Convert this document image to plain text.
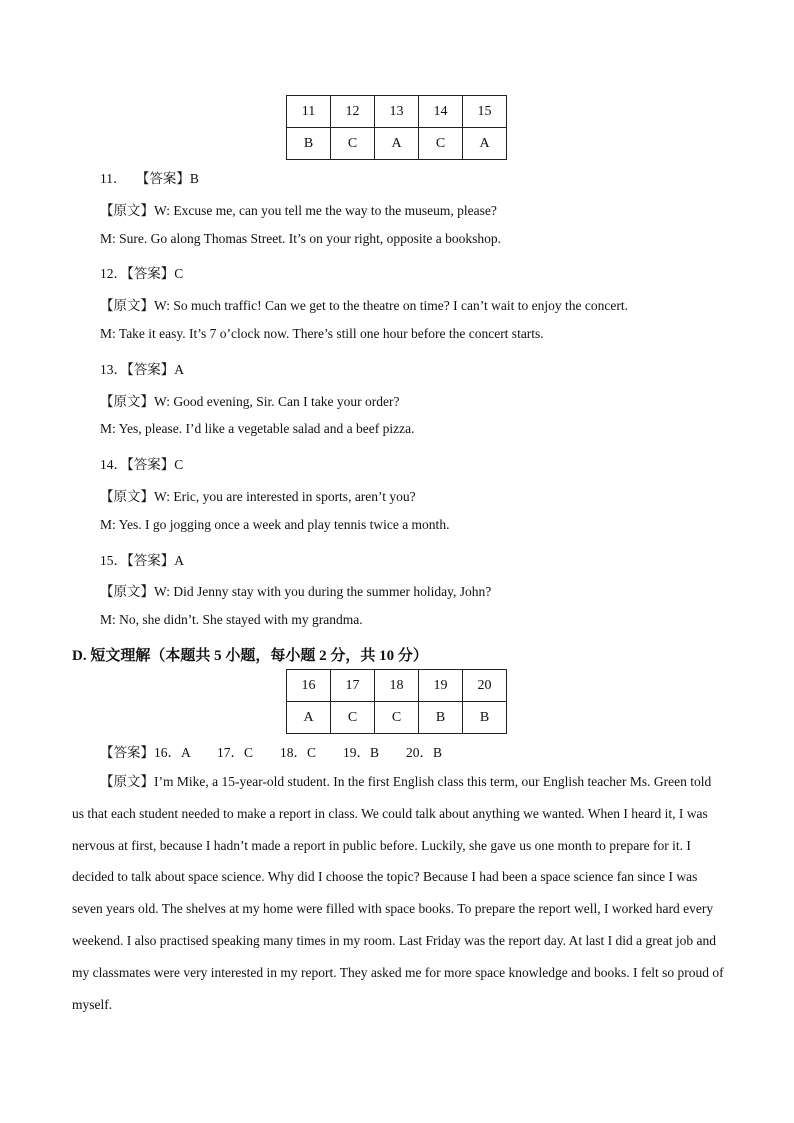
11	12	13	14	15
B	C	A	C	A
11． 【答案】B
【原文】W: Excuse me, can you tell me the way to the museum, please?
M: Sure. Go along Thomas Street. It’s on your right, opposite a bookshop.
12．【答案】C
【原文】W: So much traffic! Can we get to the theatre on time? I can’t wait to enjoy the concert.
M: Take it easy. It’s 7 o’clock now. There’s still one hour before the concert starts.
13．【答案】A
【原文】W: Good evening, Sir. Can I take your order?
M: Yes, please. I’d like a vegetable salad and a beef pizza.
14．【答案】C
【原文】W: Eric, you are interested in sports, aren’t you?
M: Yes. I go jogging once a week and play tennis twice a month.
15．【答案】A
【原文】W: Did Jenny stay with you during the summer holiday, John?
M: No, she didn’t. She stayed with my grandma.
D. 短文理解（本题共 5 小题，每小题 2 分，共 10 分）
16	17	18	19	20
A	C	C	B	B
【答案】16．A　　17．C　　18．C　　19．B　　20．B
【原文】I’m Mike, a 15-year-old student. In the first English class this term, our English teacher Ms. Green told us that each student needed to make a report in class. We could talk about anything we wanted. When I heard it, I was nervous at first, because I hadn’t made a report in public before. Luckily, she gave us one month to prepare for it. I decided to talk about space science. Why did I choose the topic? Because I had been a space science fan since I was seven years old. The shelves at my home were filled with space books. To prepare the report well, I worked hard every weekend. I also practised speaking many times in my room. Last Friday was the report day. At last I did a great job and my classmates were very interested in my report. They asked me for more space knowledge and books. I felt so proud of myself.
